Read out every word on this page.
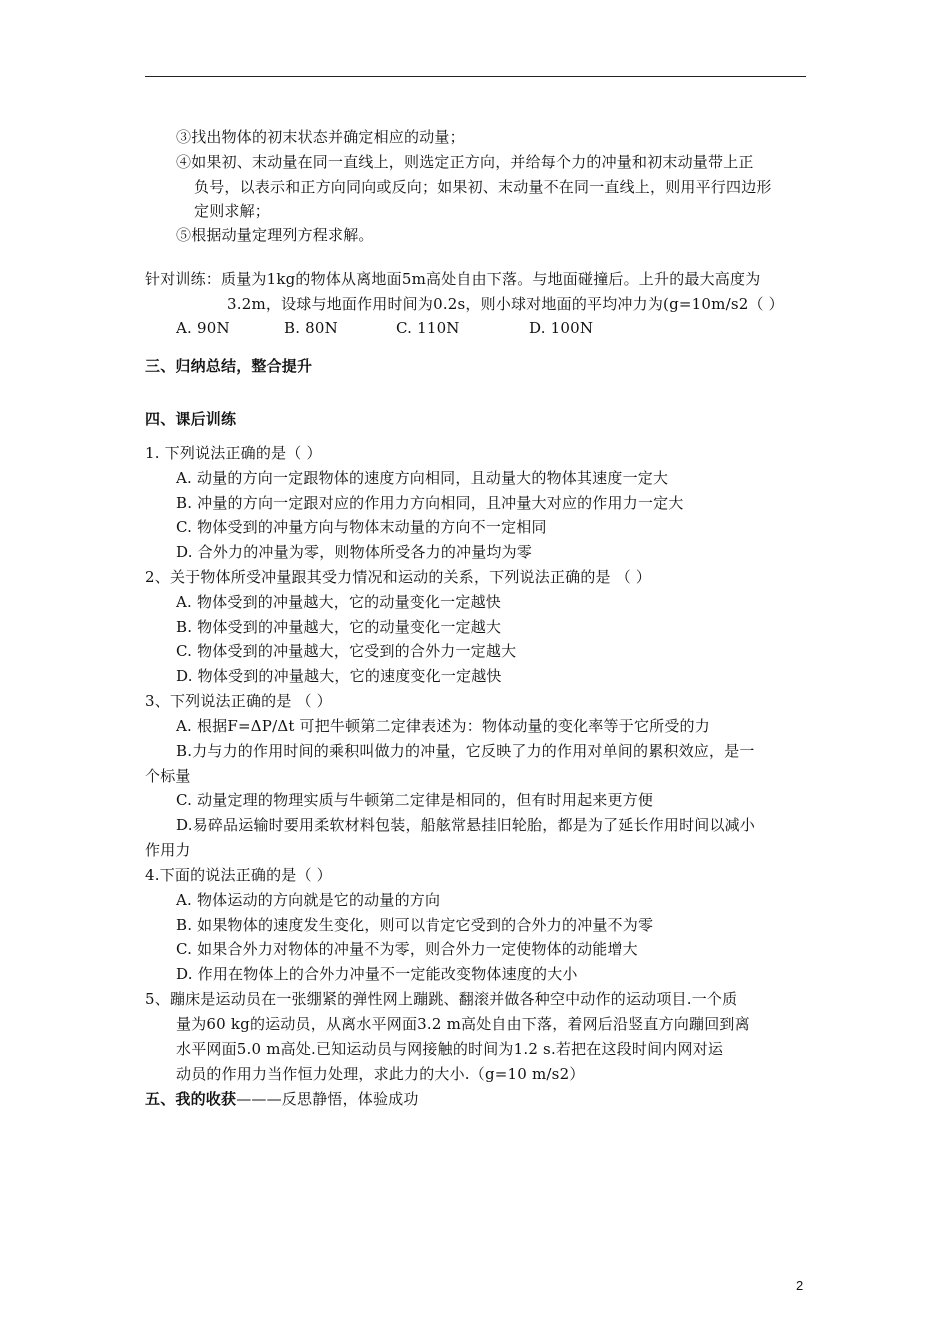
③找出物体的初末状态并确定相应的动量；
④如果初、末动量在同一直线上，则选定正方向，并给每个力的冲量和初末动量带上正
负号，以表示和正方向同向或反向；如果初、末动量不在同一直线上，则用平行四边形
定则求解；
⑤根据动量定理列方程求解。
针对训练：质量为1kg的物体从离地面5m高处自由下落。与地面碰撞后。上升的最大高度为
3.2m，设球与地面作用时间为0.2s，则小球对地面的平均冲力为(g=10m/s2（ ）
A. 90N	B. 80N	C. 110N	D. 100N
三、归纳总结，整合提升
四、课后训练
1. 下列说法正确的是（ ）
A. 动量的方向一定跟物体的速度方向相同，且动量大的物体其速度一定大
B. 冲量的方向一定跟对应的作用力方向相同，且冲量大对应的作用力一定大
C. 物体受到的冲量方向与物体末动量的方向不一定相同
D. 合外力的冲量为零，则物体所受各力的冲量均为零
2、关于物体所受冲量跟其受力情况和运动的关系，下列说法正确的是 （ ）
A. 物体受到的冲量越大，它的动量变化一定越快
B. 物体受到的冲量越大，它的动量变化一定越大
C. 物体受到的冲量越大，它受到的合外力一定越大
D. 物体受到的冲量越大，它的速度变化一定越快
3、下列说法正确的是 （ ）
A. 根据F=ΔP/Δt 可把牛顿第二定律表述为：物体动量的变化率等于它所受的力
B.力与力的作用时间的乘积叫做力的冲量，它反映了力的作用对单间的累积效应，是一
个标量
C. 动量定理的物理实质与牛顿第二定律是相同的，但有时用起来更方便
D.易碎品运输时要用柔软材料包装，船舷常悬挂旧轮胎，都是为了延长作用时间以减小
作用力
4.下面的说法正确的是（ ）
A. 物体运动的方向就是它的动量的方向
B. 如果物体的速度发生变化，则可以肯定它受到的合外力的冲量不为零
C. 如果合外力对物体的冲量不为零，则合外力一定使物体的动能增大
D. 作用在物体上的合外力冲量不一定能改变物体速度的大小
5、蹦床是运动员在一张绷紧的弹性网上蹦跳、翻滚并做各种空中动作的运动项目.一个质
量为60 kg的运动员，从离水平网面3.2 m高处自由下落，着网后沿竖直方向蹦回到离
水平网面5.0 m高处.已知运动员与网接触的时间为1.2 s.若把在这段时间内网对运
动员的作用力当作恒力处理，求此力的大小.（g=10 m/s2）
五、我的收获———反思静悟，体验成功
2
